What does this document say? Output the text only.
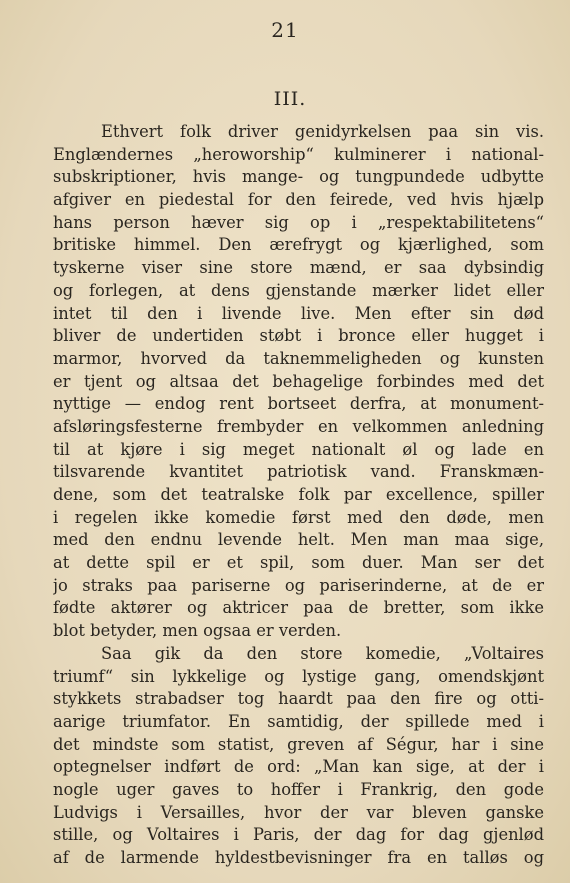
21
III.
Ethvert folk driver genidyrkelsen paa sin vis.
Englændernes „heroworship“ kulminerer i national-
subskriptioner, hvis mange- og tungpundede udbytte
afgiver en piedestal for den feirede, ved hvis hjælp
hans person hæver sig op i „respektabilitetens“
britiske himmel. Den ærefrygt og kjærlighed, som
tyskerne viser sine store mænd, er saa dybsindig
og forlegen, at dens gjenstande mærker lidet eller
intet til den i livende live. Men efter sin død
bliver de undertiden støbt i bronce eller hugget i
marmor, hvorved da taknemmeligheden og kunsten
er tjent og altsaa det behagelige forbindes med det
nyttige — endog rent bortseet derfra, at monument-
afsløringsfesterne frembyder en velkommen anledning
til at kjøre i sig meget nationalt øl og lade en
tilsvarende kvantitet patriotisk vand. Franskmæn-
dene, som det teatralske folk par excellence, spiller
i regelen ikke komedie først med den døde, men
med den endnu levende helt. Men man maa sige,
at dette spil er et spil, som duer. Man ser det
jo straks paa pariserne og pariserinderne, at de er
fødte aktører og aktricer paa de bretter, som ikke
blot betyder, men ogsaa er verden.
Saa gik da den store komedie, „Voltaires
triumf“ sin lykkelige og lystige gang, omendskjønt
stykkets strabadser tog haardt paa den fire og otti-
aarige triumfator. En samtidig, der spillede med i
det mindste som statist, greven af Ségur, har i sine
optegnelser indført de ord: „Man kan sige, at der i
nogle uger gaves to hoffer i Frankrig, den gode
Ludvigs i Versailles, hvor der var bleven ganske
stille, og Voltaires i Paris, der dag for dag gjenlød
af de larmende hyldestbevisninger fra en talløs og
